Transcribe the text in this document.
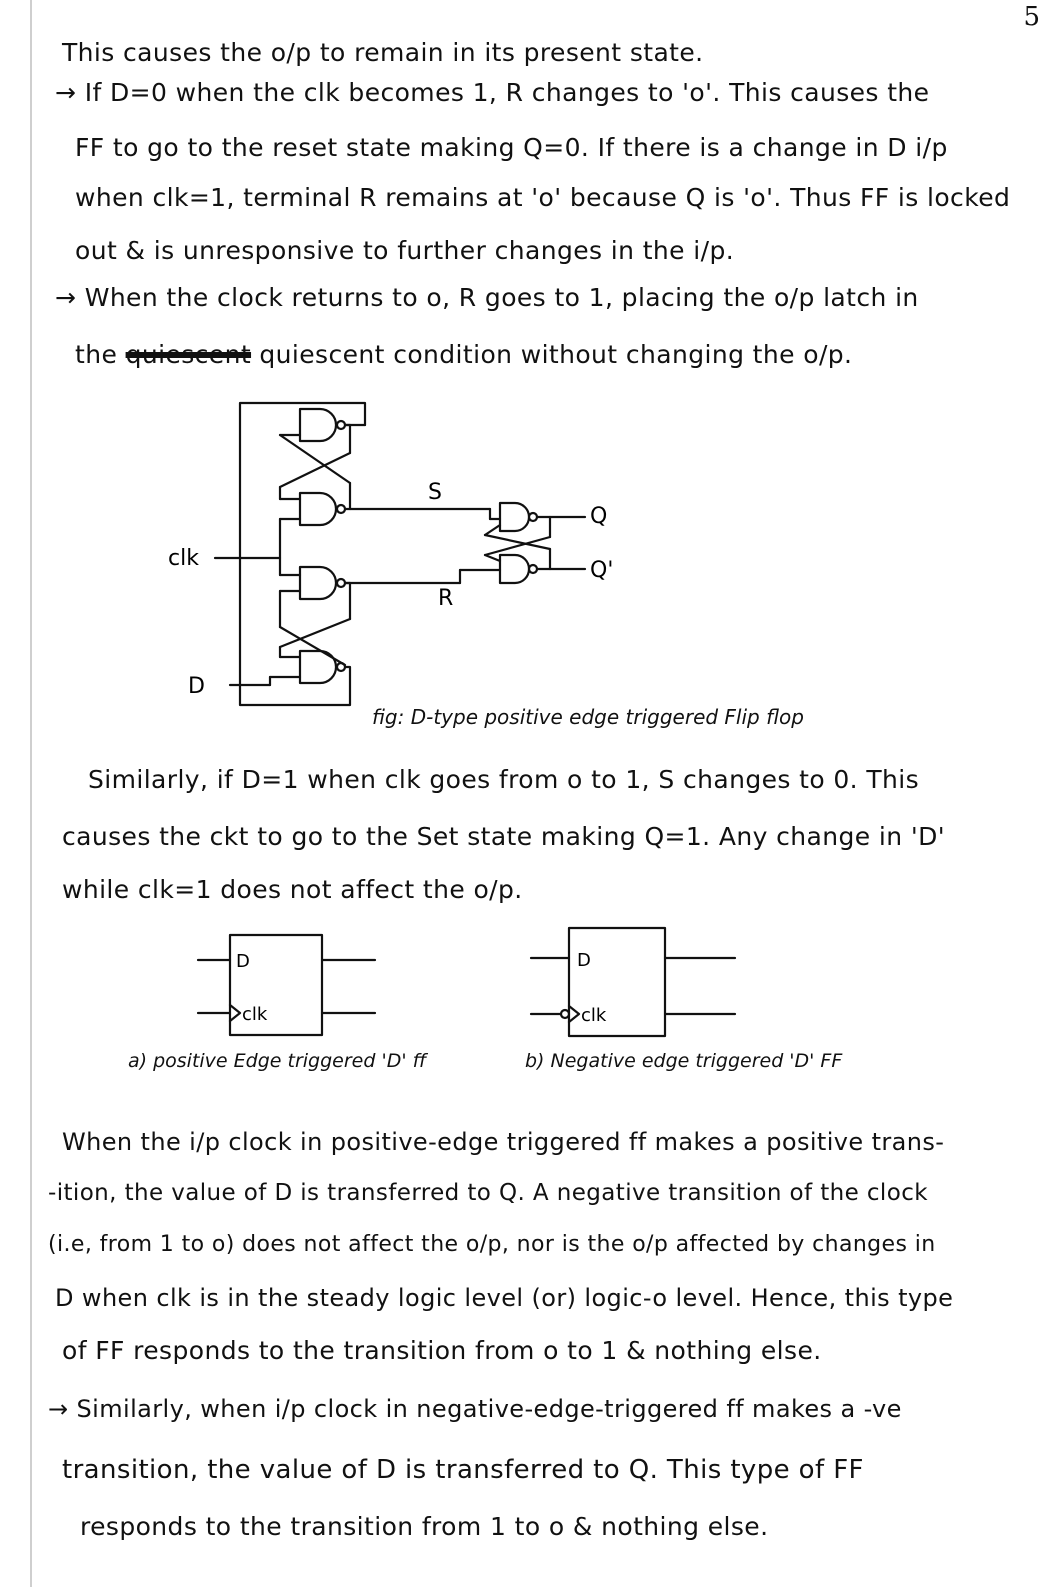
5
This causes the o/p to remain in its present state.
→ If D=0 when the clk becomes 1, R changes to 'o'. This causes the
FF to go to the reset state making Q=0. If there is a change in D i/p
when clk=1, terminal R remains at 'o' because Q is 'o'. Thus FF is locked
out & is unresponsive to further changes in the i/p.
→ When the clock returns to o, R goes to 1, placing the o/p latch in
the quiescent quiescent condition without changing the o/p.
S
R
Q
Q'
clk
D
fig: D-type positive edge triggered Flip flop
Similarly, if D=1 when clk goes from o to 1, S changes to 0. This
causes the ckt to go to the Set state making Q=1. Any change in 'D'
while clk=1 does not affect the o/p.
D
clk
a) positive Edge triggered 'D' ff
D
clk
b) Negative edge triggered 'D' FF
When the i/p clock in positive-edge triggered ff makes a positive trans-
-ition, the value of D is transferred to Q. A negative transition of the clock
(i.e, from 1 to o) does not affect the o/p, nor is the o/p affected by changes in
D when clk is in the steady logic level (or) logic-o level. Hence, this type
of FF responds to the transition from o to 1 & nothing else.
→ Similarly, when i/p clock in negative-edge-triggered ff makes a -ve
transition, the value of D is transferred to Q. This type of FF
responds to the transition from 1 to o & nothing else.
